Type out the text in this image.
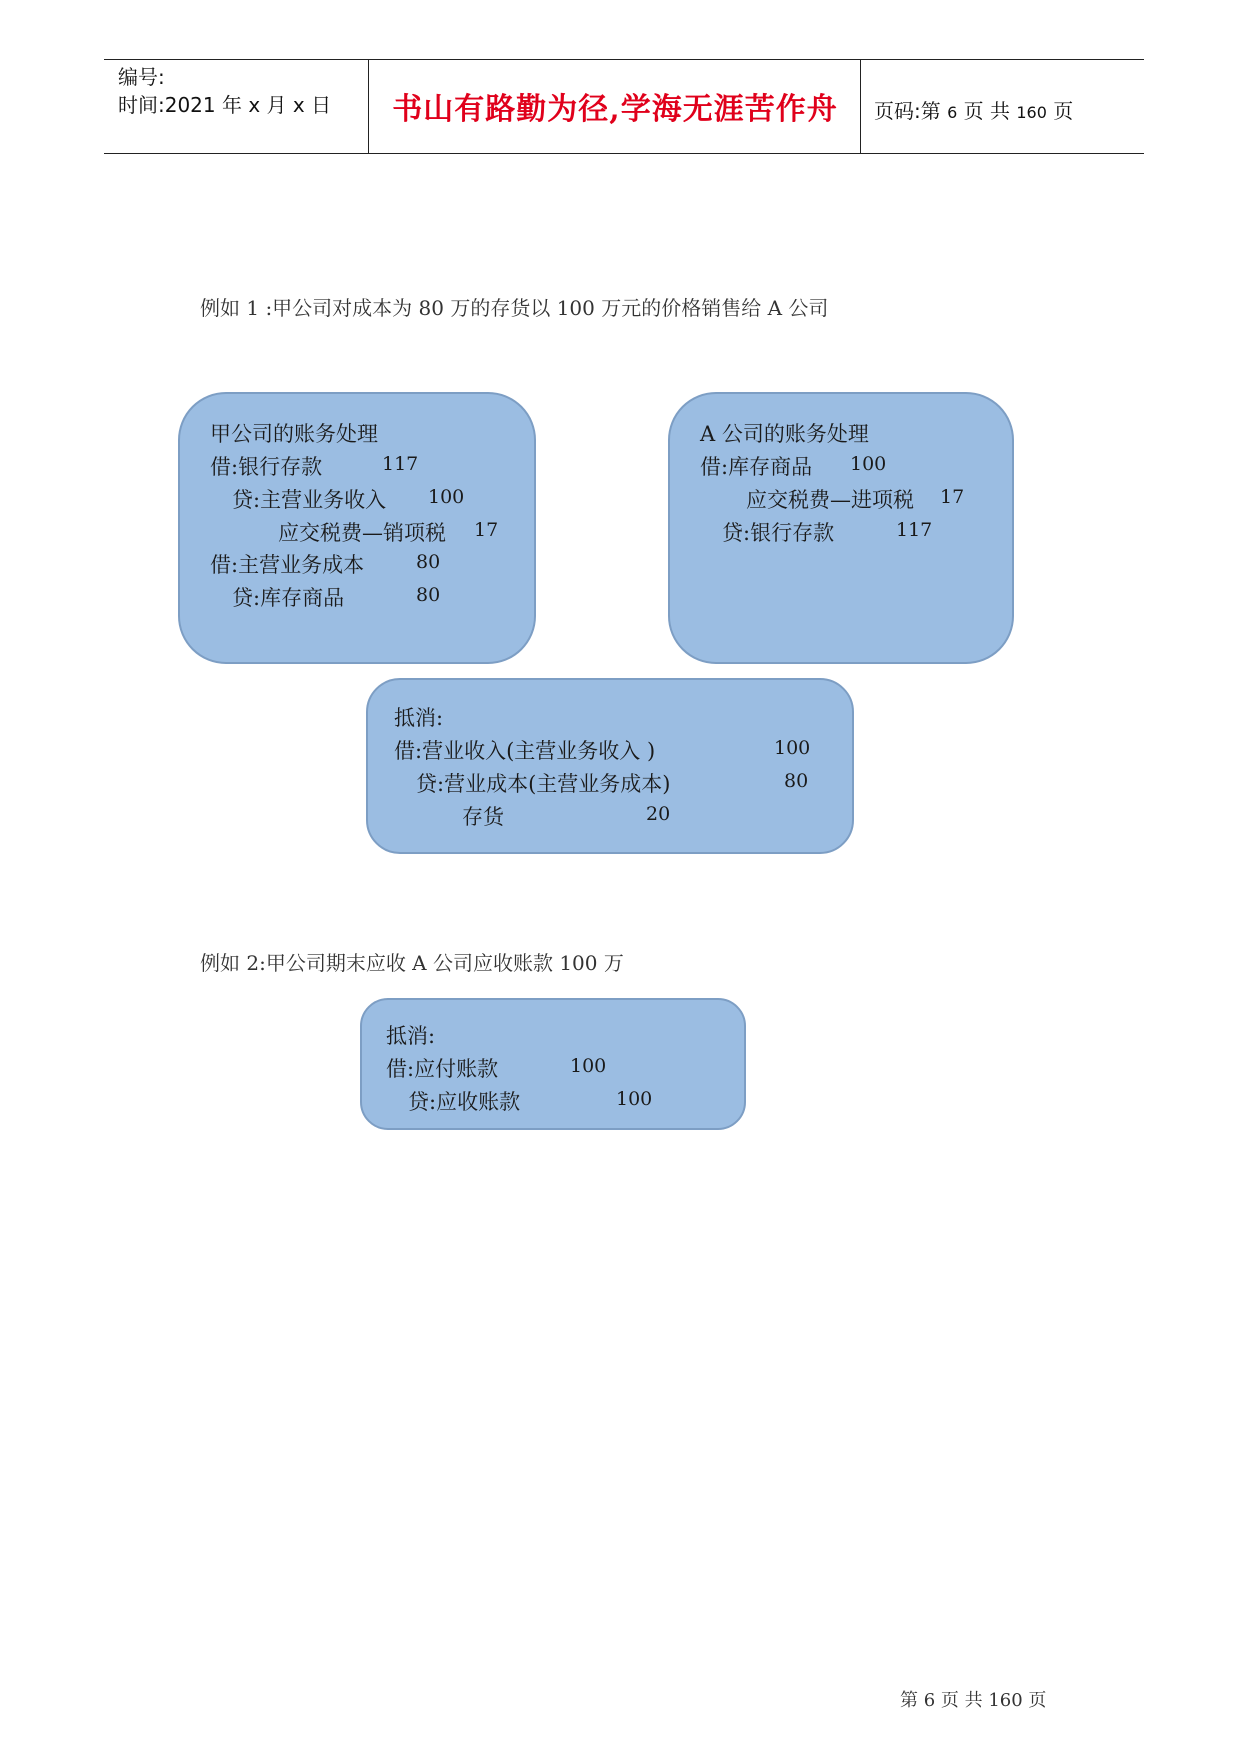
编号:
时间:2021 年 x 月 x 日	书山有路勤为径,学海无涯苦作舟	页码:第 6 页 共 160 页
例如 1 :甲公司对成本为 80 万的存货以 100 万元的价格销售给 A 公司
甲公司的账务处理
借:银行存款	117
贷:主营业务收入 100
应交税费—销项税 17
借:主营业务成本	80
贷:库存商品	80
A 公司的账务处理
借:库存商品 100
应交税费—进项税 17
贷:银行存款	117
抵消:
借:营业收入(主营业务收入 )	100
贷:营业成本(主营业务成本)	80
存货	20
例如 2:甲公司期末应收 A 公司应收账款 100 万
抵消:
借:应付账款	100
贷:应收账款	100
第 6 页 共 160 页
